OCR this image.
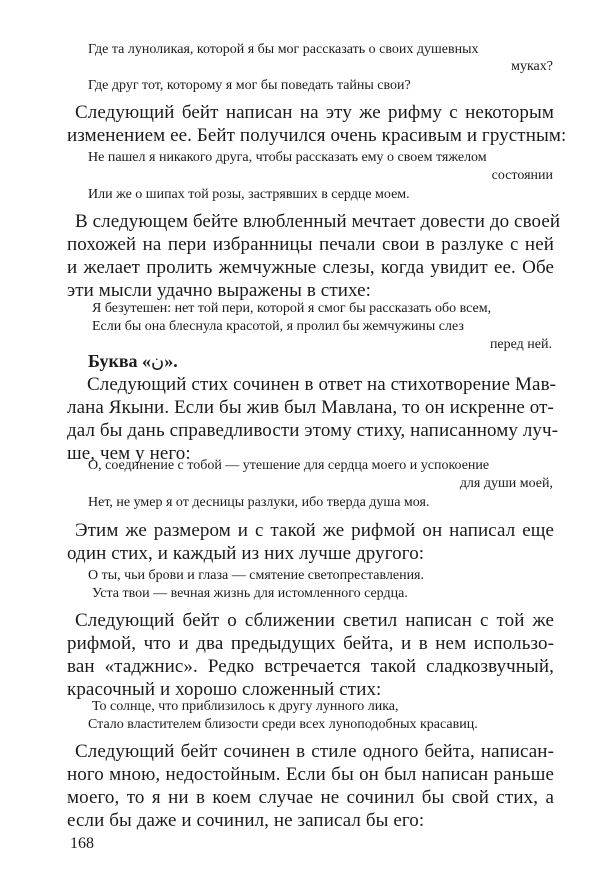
Где та луноликая, которой я бы мог рассказать о своих душевных
муках?
Где друг тот, которому я мог бы поведать тайны свои?
Следующий бейт написан на эту же рифму с некоторым
изменением ее. Бейт получился очень красивым и грустным:
Не пашел я никакого друга, чтобы рассказать ему о своем тяжелом
состоянии
Или же о шипах той розы, застрявших в сердце моем.
В следующем бейте влюбленный мечтает довести до своей
похожей на пери избранницы печали свои в разлуке с ней
и желает пролить жемчужные слезы, когда увидит ее. Обе
эти мысли удачно выражены в стихе:
Я безутешен: нет той пери, которой я смог бы рассказать обо всем,
Если бы она блеснула красотой, я пролил бы жемчужины слез
перед ней.
Буква «ن».
Следующий стих сочинен в ответ на стихотворение Мав-
лана Якыни. Если бы жив был Мавлана, то он искренне от-
дал бы дань справедливости этому стиху, написанному луч-
ше, чем у него:
О, соединение с тобой — утешение для сердца моего и успокоение
для души моей,
Нет, не умер я от десницы разлуки, ибо тверда душа моя.
Этим же размером и с такой же рифмой он написал еще
один стих, и каждый из них лучше другого:
О ты, чьи брови и глаза — смятение светопреставления.
Уста твои — вечная жизнь для истомленного сердца.
Следующий бейт о сближении светил написан с той же
рифмой, что и два предыдущих бейта, и в нем использо-
ван «таджнис». Редко встречается такой сладкозвучный,
красочный и хорошо сложенный стих:
То солнце, что приблизилось к другу лунного лика,
Стало властителем близости среди всех луноподобных красавиц.
Следующий бейт сочинен в стиле одного бейта, написан-
ного мною, недостойным. Если бы он был написан раньше
моего, то я ни в коем случае не сочинил бы свой стих, а
если бы даже и сочинил, не записал бы его:
168
